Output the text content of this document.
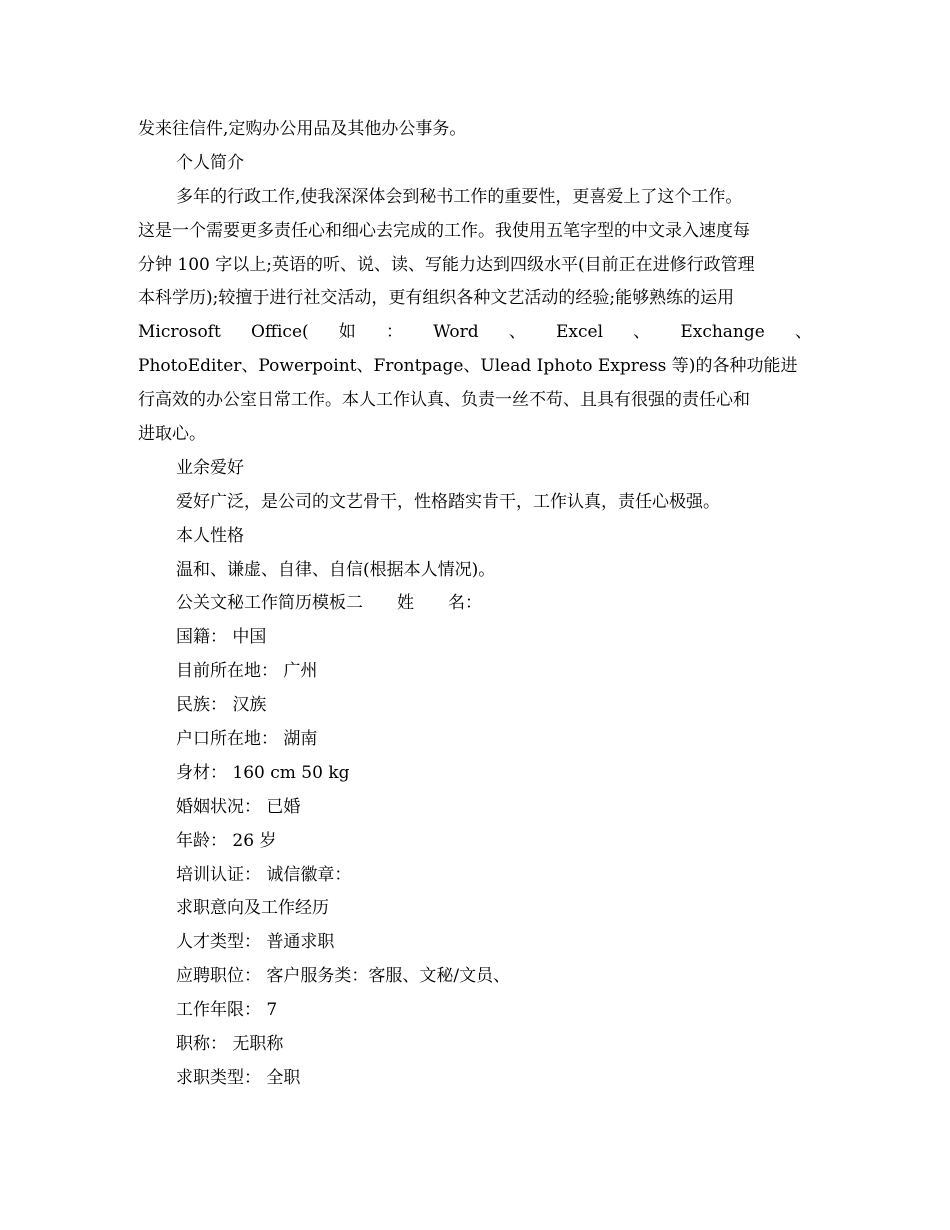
发来往信件,定购办公用品及其他办公事务。
个人简介
多年的行政工作,使我深深体会到秘书工作的重要性，更喜爱上了这个工作。
这是一个需要更多责任心和细心去完成的工作。我使用五笔字型的中文录入速度每
分钟 100 字以上;英语的听、说、读、写能力达到四级水平(目前正在进修行政管理
本科学历);较擅于进行社交活动，更有组织各种文艺活动的经验;能够熟练的运用
Microsoft Office( 如 ： Word 、 Excel 、 Exchange 、
PhotoEditer、Powerpoint、Frontpage、Ulead Iphoto Express 等)的各种功能进
行高效的办公室日常工作。本人工作认真、负责一丝不苟、且具有很强的责任心和
进取心。
业余爱好
爱好广泛，是公司的文艺骨干，性格踏实肯干，工作认真，责任心极强。
本人性格
温和、谦虚、自律、自信(根据本人情况)。
公关文秘工作简历模板二 姓 名：
国籍： 中国
目前所在地： 广州
民族： 汉族
户口所在地： 湖南
身材： 160 cm 50 kg
婚姻状况： 已婚
年龄： 26 岁
培训认证： 诚信徽章：
求职意向及工作经历
人才类型： 普通求职
应聘职位： 客户服务类：客服、文秘/文员、
工作年限： 7
职称： 无职称
求职类型： 全职
